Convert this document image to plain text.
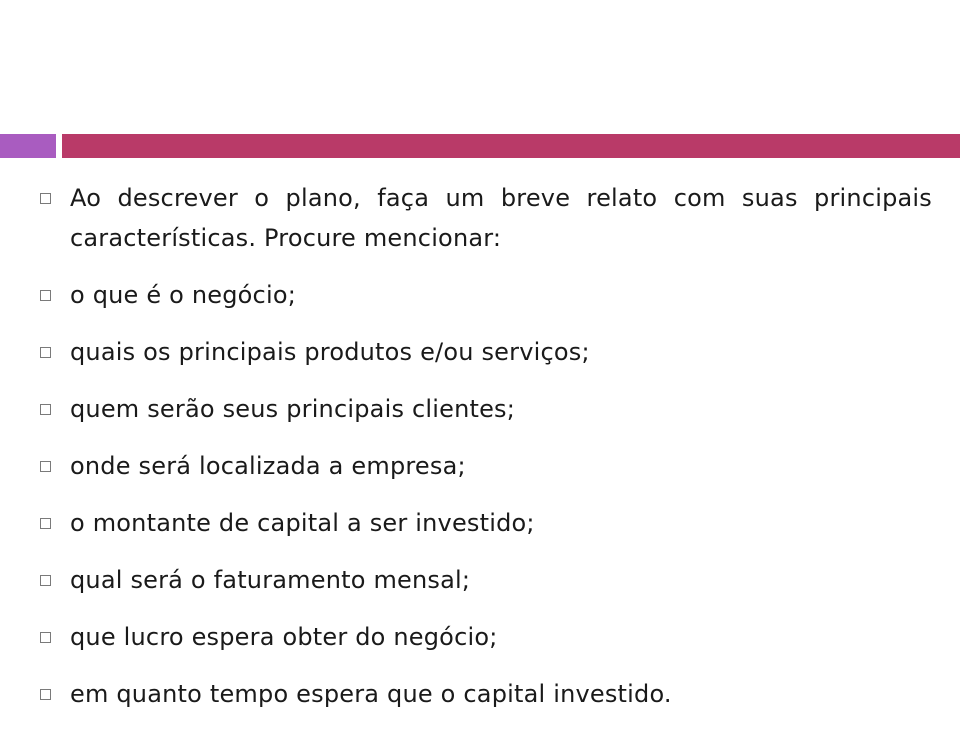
Ao descrever o plano, faça um breve relato com suas principais características. Procure mencionar:
o que é o negócio;
quais os principais produtos e/ou serviços;
quem serão seus principais clientes;
onde será localizada a empresa;
o montante de capital a ser investido;
qual será o faturamento mensal;
que lucro espera obter do negócio;
em quanto tempo espera que o capital investido.
